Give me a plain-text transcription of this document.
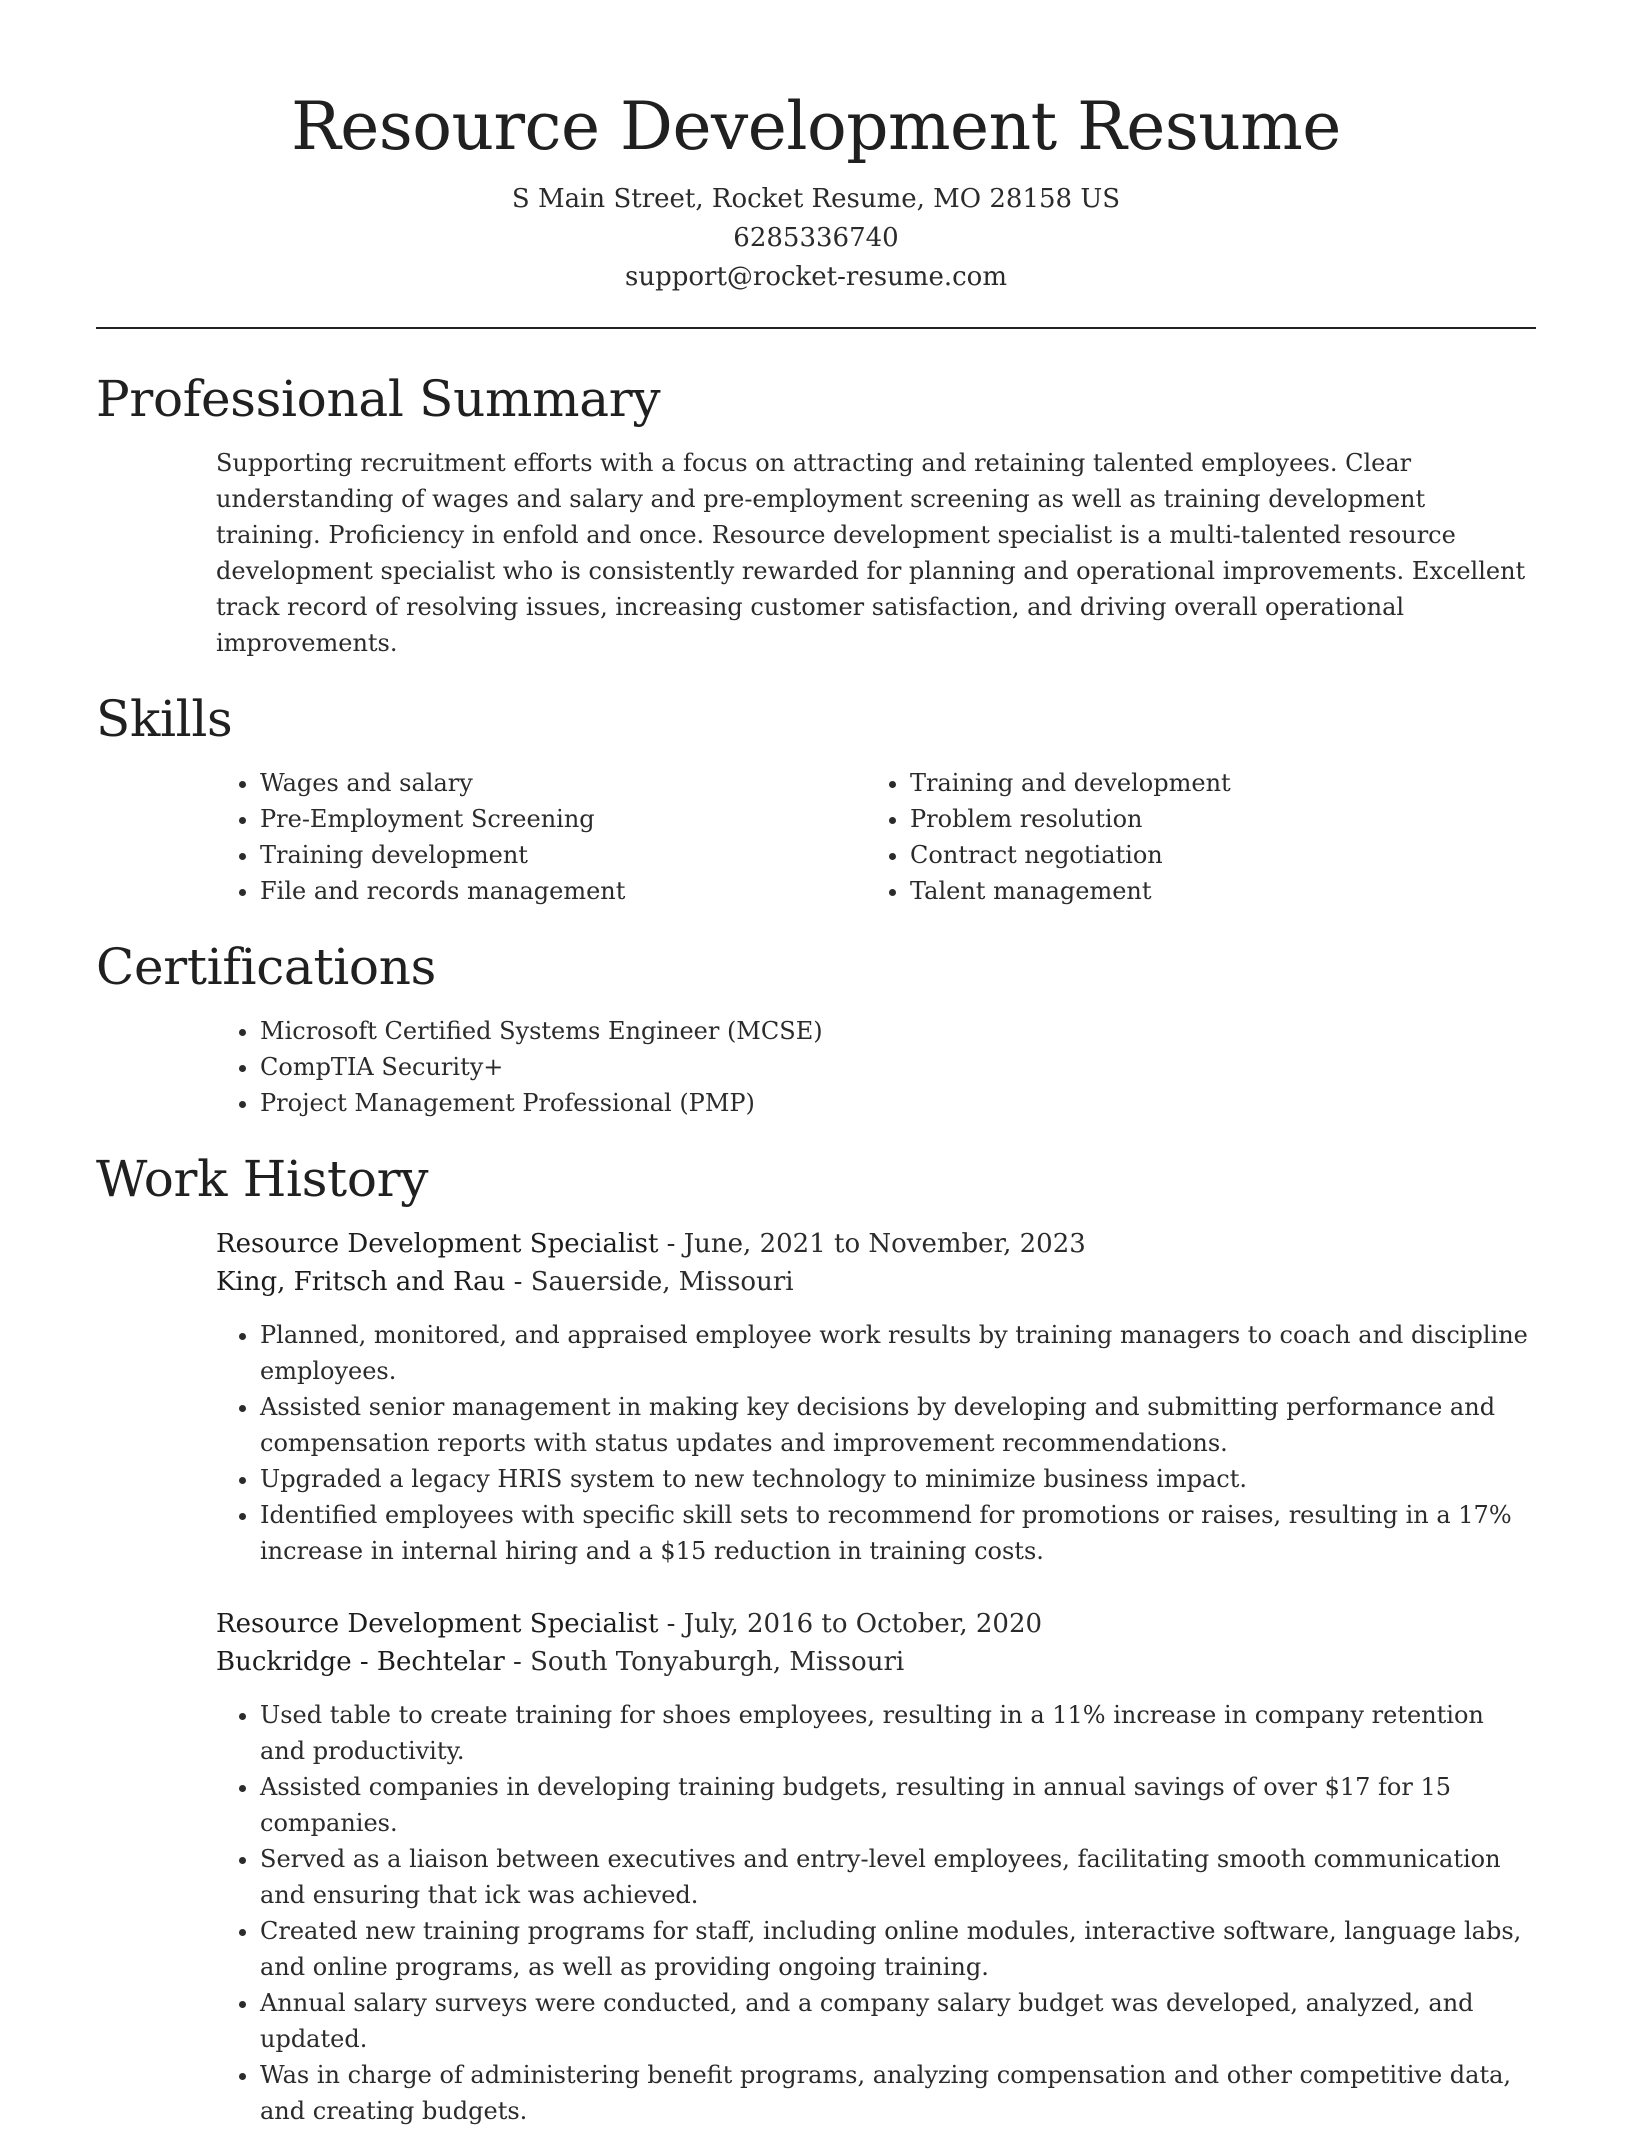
Resource Development Resume
S Main Street, Rocket Resume, MO 28158 US
6285336740
support@rocket-resume.com
Professional Summary

Supporting recruitment efforts with a focus on attracting and retaining talented employees. Clear understanding of wages and salary and pre-employment screening as well as training development training. Proficiency in enfold and once. Resource development specialist is a multi-talented resource development specialist who is consistently rewarded for planning and operational improvements. Excellent track record of resolving issues, increasing customer satisfaction, and driving overall operational improvements.

Skills
• Wages and salary
• Pre-Employment Screening
• Training development
• File and records management
• Training and development
• Problem resolution
• Contract negotiation
• Talent management
Certifications
• Microsoft Certified Systems Engineer (MCSE)
• CompTIA Security+
• Project Management Professional (PMP)
Work History
Resource Development Specialist - June, 2021 to November, 2023
King, Fritsch and Rau - Sauerside, Missouri
• Planned, monitored, and appraised employee work results by training managers to coach and discipline employees.
• Assisted senior management in making key decisions by developing and submitting performance and compensation reports with status updates and improvement recommendations.
• Upgraded a legacy HRIS system to new technology to minimize business impact.
• Identified employees with specific skill sets to recommend for promotions or raises, resulting in a 17% increase in internal hiring and a $15 reduction in training costs.
Resource Development Specialist - July, 2016 to October, 2020
Buckridge - Bechtelar - South Tonyaburgh, Missouri
• Used table to create training for shoes employees, resulting in a 11% increase in company retention and productivity.
• Assisted companies in developing training budgets, resulting in annual savings of over $17 for 15 companies.
• Served as a liaison between executives and entry-level employees, facilitating smooth communication and ensuring that ick was achieved.
• Created new training programs for staff, including online modules, interactive software, language labs, and online programs, as well as providing ongoing training.
• Annual salary surveys were conducted, and a company salary budget was developed, analyzed, and updated.
• Was in charge of administering benefit programs, analyzing compensation and other competitive data, and creating budgets.
